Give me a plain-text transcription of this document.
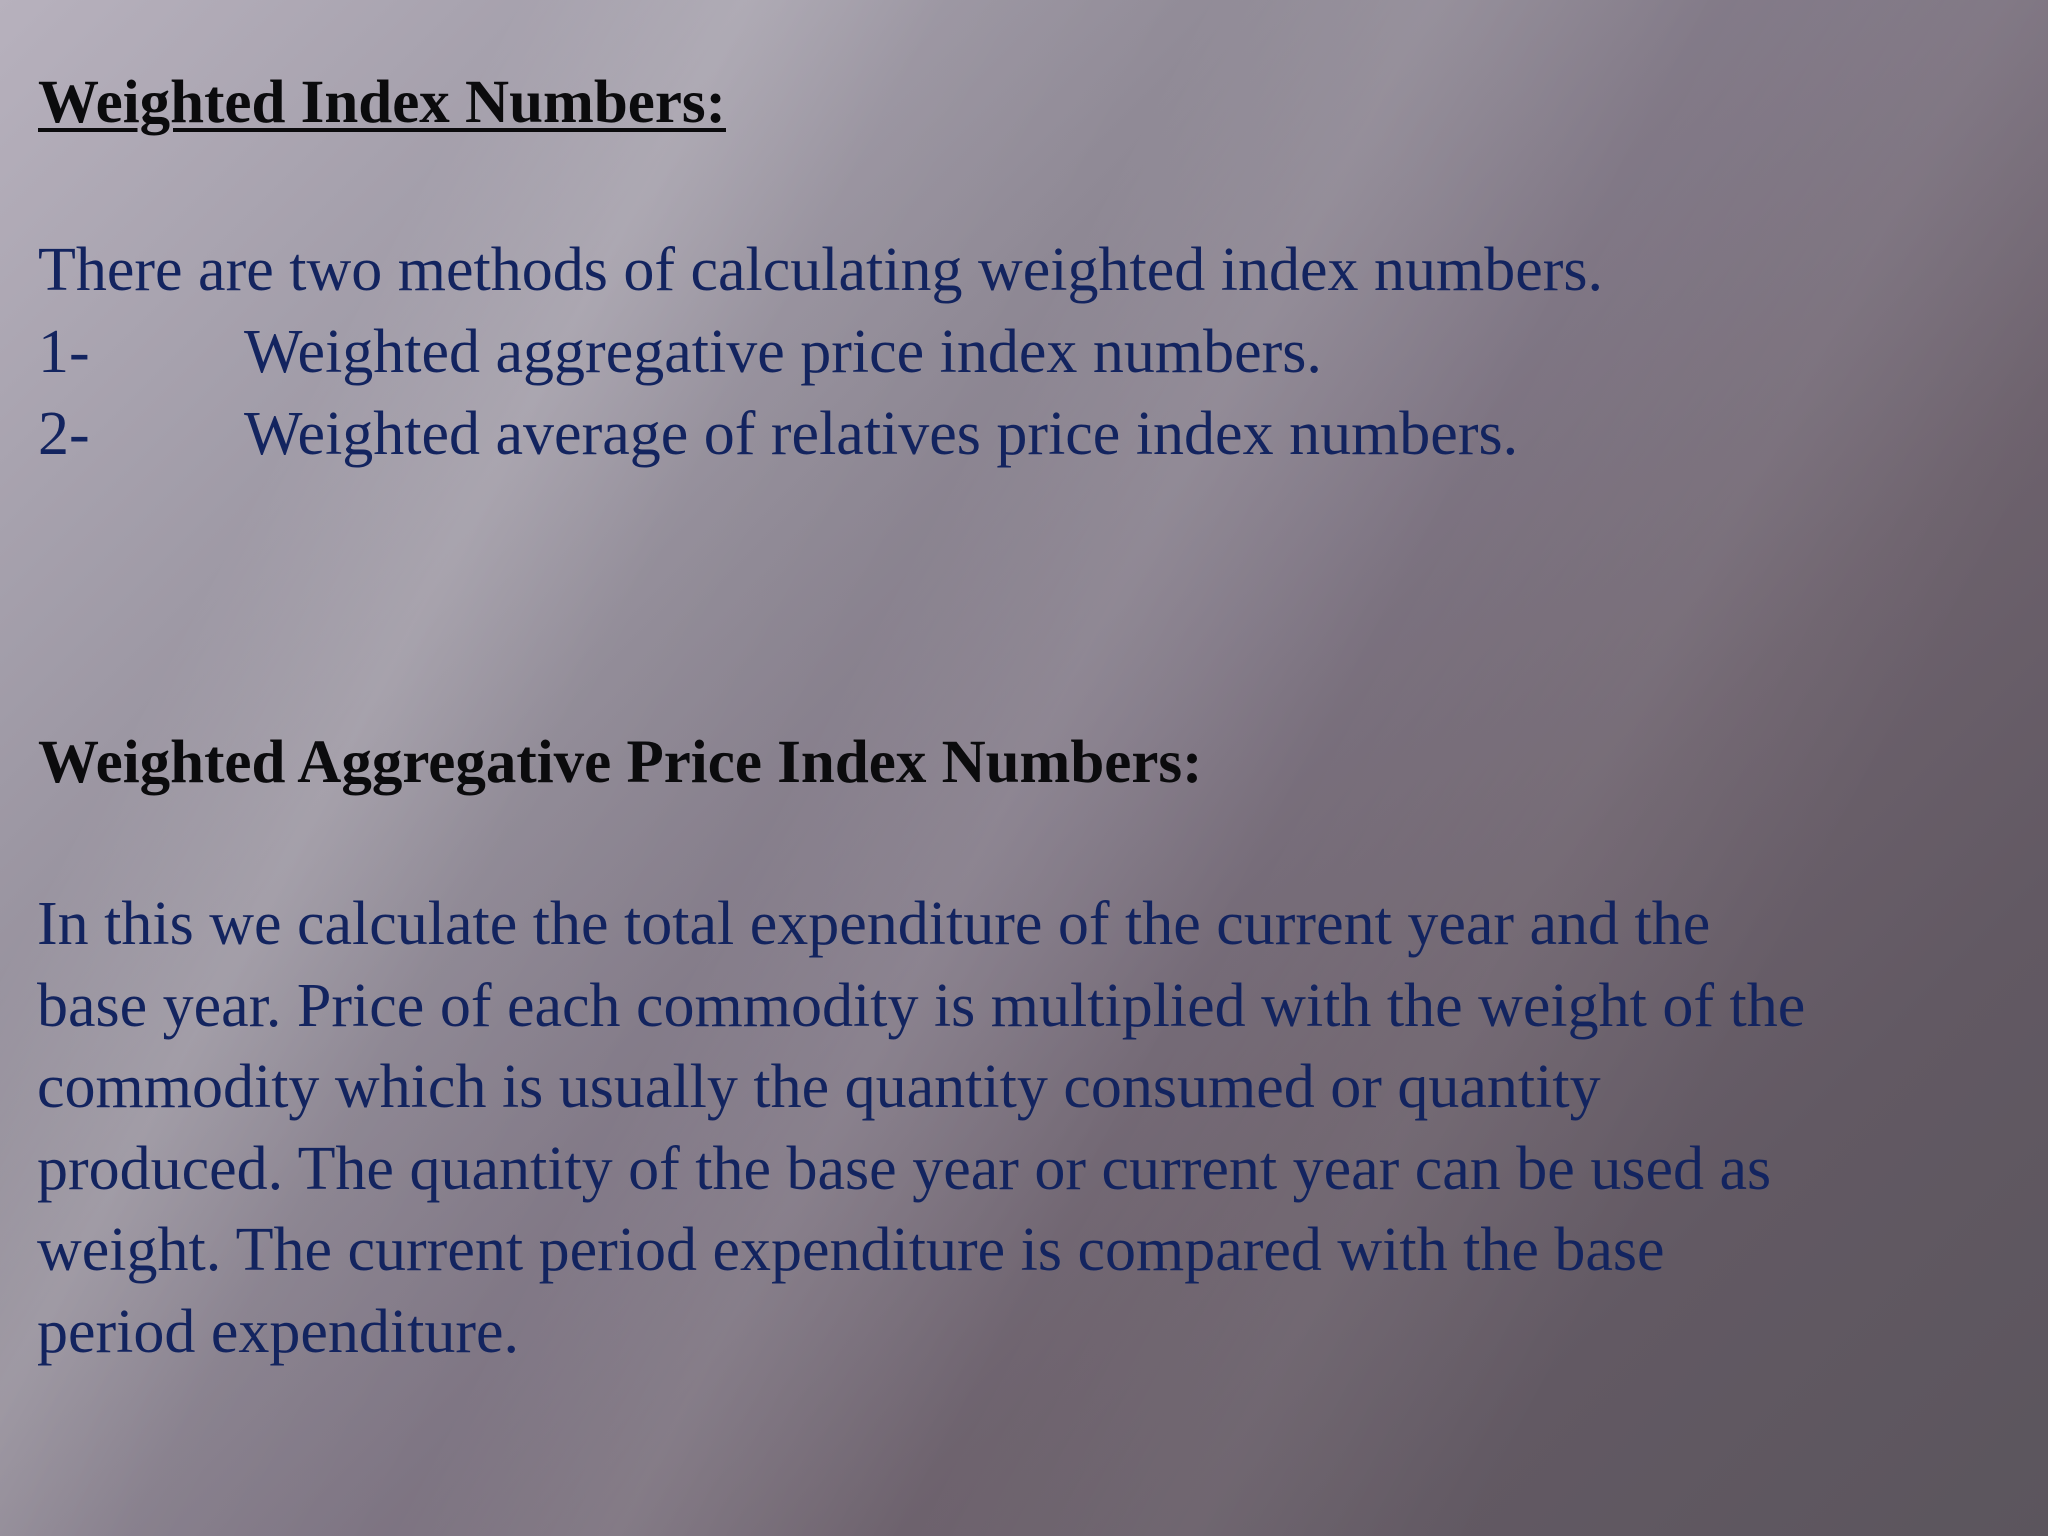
Weighted Index Numbers:

There are two methods of calculating weighted index numbers.

1-	Weighted aggregative price index numbers.
2-	Weighted average of relatives price index numbers.
Weighted Aggregative Price Index Numbers:

In this we calculate the total expenditure of the current year and the
base year. Price of each commodity is multiplied with the weight of the
commodity which is usually the quantity consumed or quantity
produced. The quantity of the base year or current year can be used as
weight. The current period expenditure is compared with the base
period expenditure.
